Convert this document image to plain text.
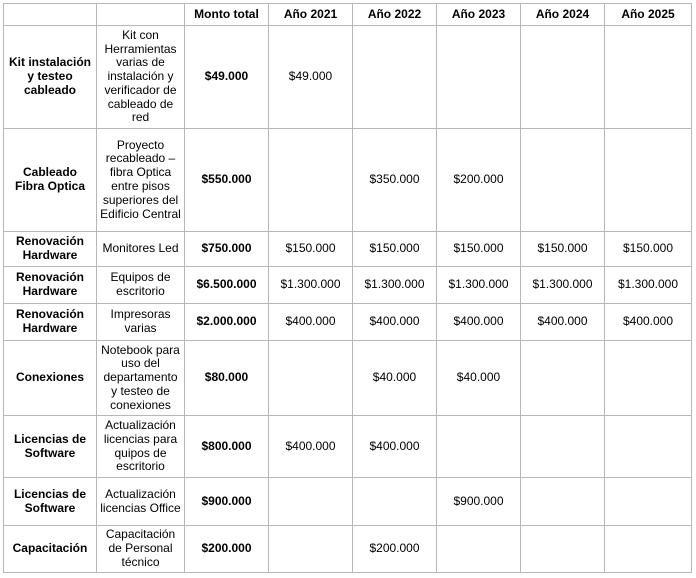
		Monto total	Año 2021	Año 2022	Año 2023	Año 2024	Año 2025
Kit instalación y testeo cableado	Kit con Herramientas varias de instalación y verificador de cableado de red	$49.000	$49.000				
Cableado Fibra Optica	Proyecto recableado – fibra Optica entre pisos superiores del Edificio Central	$550.000		$350.000	$200.000		
Renovación Hardware	Monitores Led	$750.000	$150.000	$150.000	$150.000	$150.000	$150.000
Renovación Hardware	Equipos de escritorio	$6.500.000	$1.300.000	$1.300.000	$1.300.000	$1.300.000	$1.300.000
Renovación Hardware	Impresoras varias	$2.000.000	$400.000	$400.000	$400.000	$400.000	$400.000
Conexiones	Notebook para uso del departamento y testeo de conexiones	$80.000		$40.000	$40.000		
Licencias de Software	Actualización licencias para quipos de escritorio	$800.000	$400.000	$400.000			
Licencias de Software	Actualización licencias Office	$900.000			$900.000		
Capacitación	Capacitación de Personal técnico	$200.000		$200.000			
